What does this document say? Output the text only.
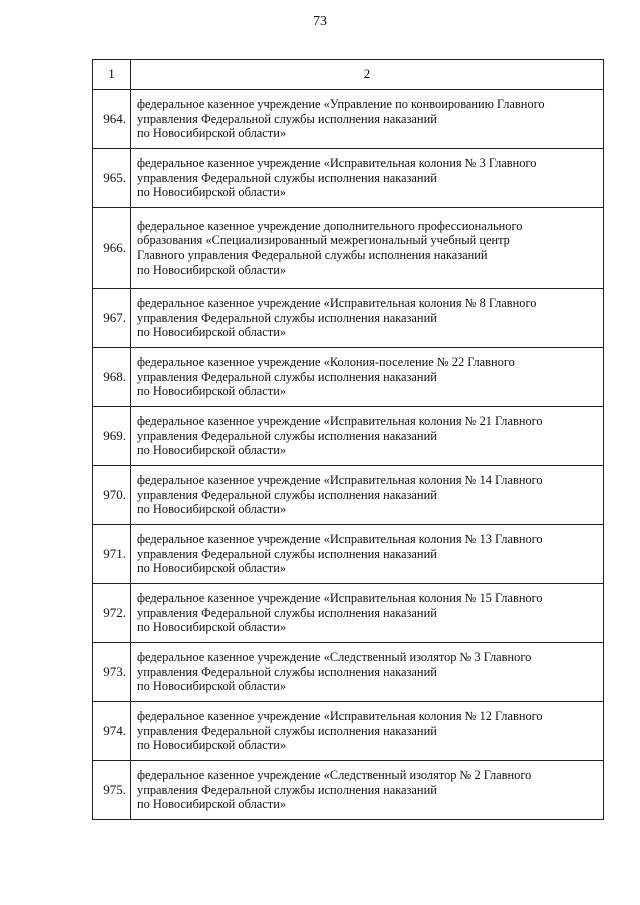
73
1	2
964.	федеральное казенное учреждение «Управление по конвоированию Главного
управления Федеральной службы исполнения наказаний
по Новосибирской области»

965.	федеральное казенное учреждение «Исправительная колония № 3 Главного
управления Федеральной службы исполнения наказаний
по Новосибирской области»

966.	федеральное казенное учреждение дополнительного профессионального
образования «Специализированный межрегиональный учебный центр
Главного управления Федеральной службы исполнения наказаний
по Новосибирской области»

967.	федеральное казенное учреждение «Исправительная колония № 8 Главного
управления Федеральной службы исполнения наказаний
по Новосибирской области»

968.	федеральное казенное учреждение «Колония-поселение № 22 Главного
управления Федеральной службы исполнения наказаний
по Новосибирской области»

969.	федеральное казенное учреждение «Исправительная колония № 21 Главного
управления Федеральной службы исполнения наказаний
по Новосибирской области»

970.	федеральное казенное учреждение «Исправительная колония № 14 Главного
управления Федеральной службы исполнения наказаний
по Новосибирской области»

971.	федеральное казенное учреждение «Исправительная колония № 13 Главного
управления Федеральной службы исполнения наказаний
по Новосибирской области»

972.	федеральное казенное учреждение «Исправительная колония № 15 Главного
управления Федеральной службы исполнения наказаний
по Новосибирской области»

973.	федеральное казенное учреждение «Следственный изолятор № 3 Главного
управления Федеральной службы исполнения наказаний
по Новосибирской области»

974.	федеральное казенное учреждение «Исправительная колония № 12 Главного
управления Федеральной службы исполнения наказаний
по Новосибирской области»

975.	федеральное казенное учреждение «Следственный изолятор № 2 Главного
управления Федеральной службы исполнения наказаний
по Новосибирской области»
